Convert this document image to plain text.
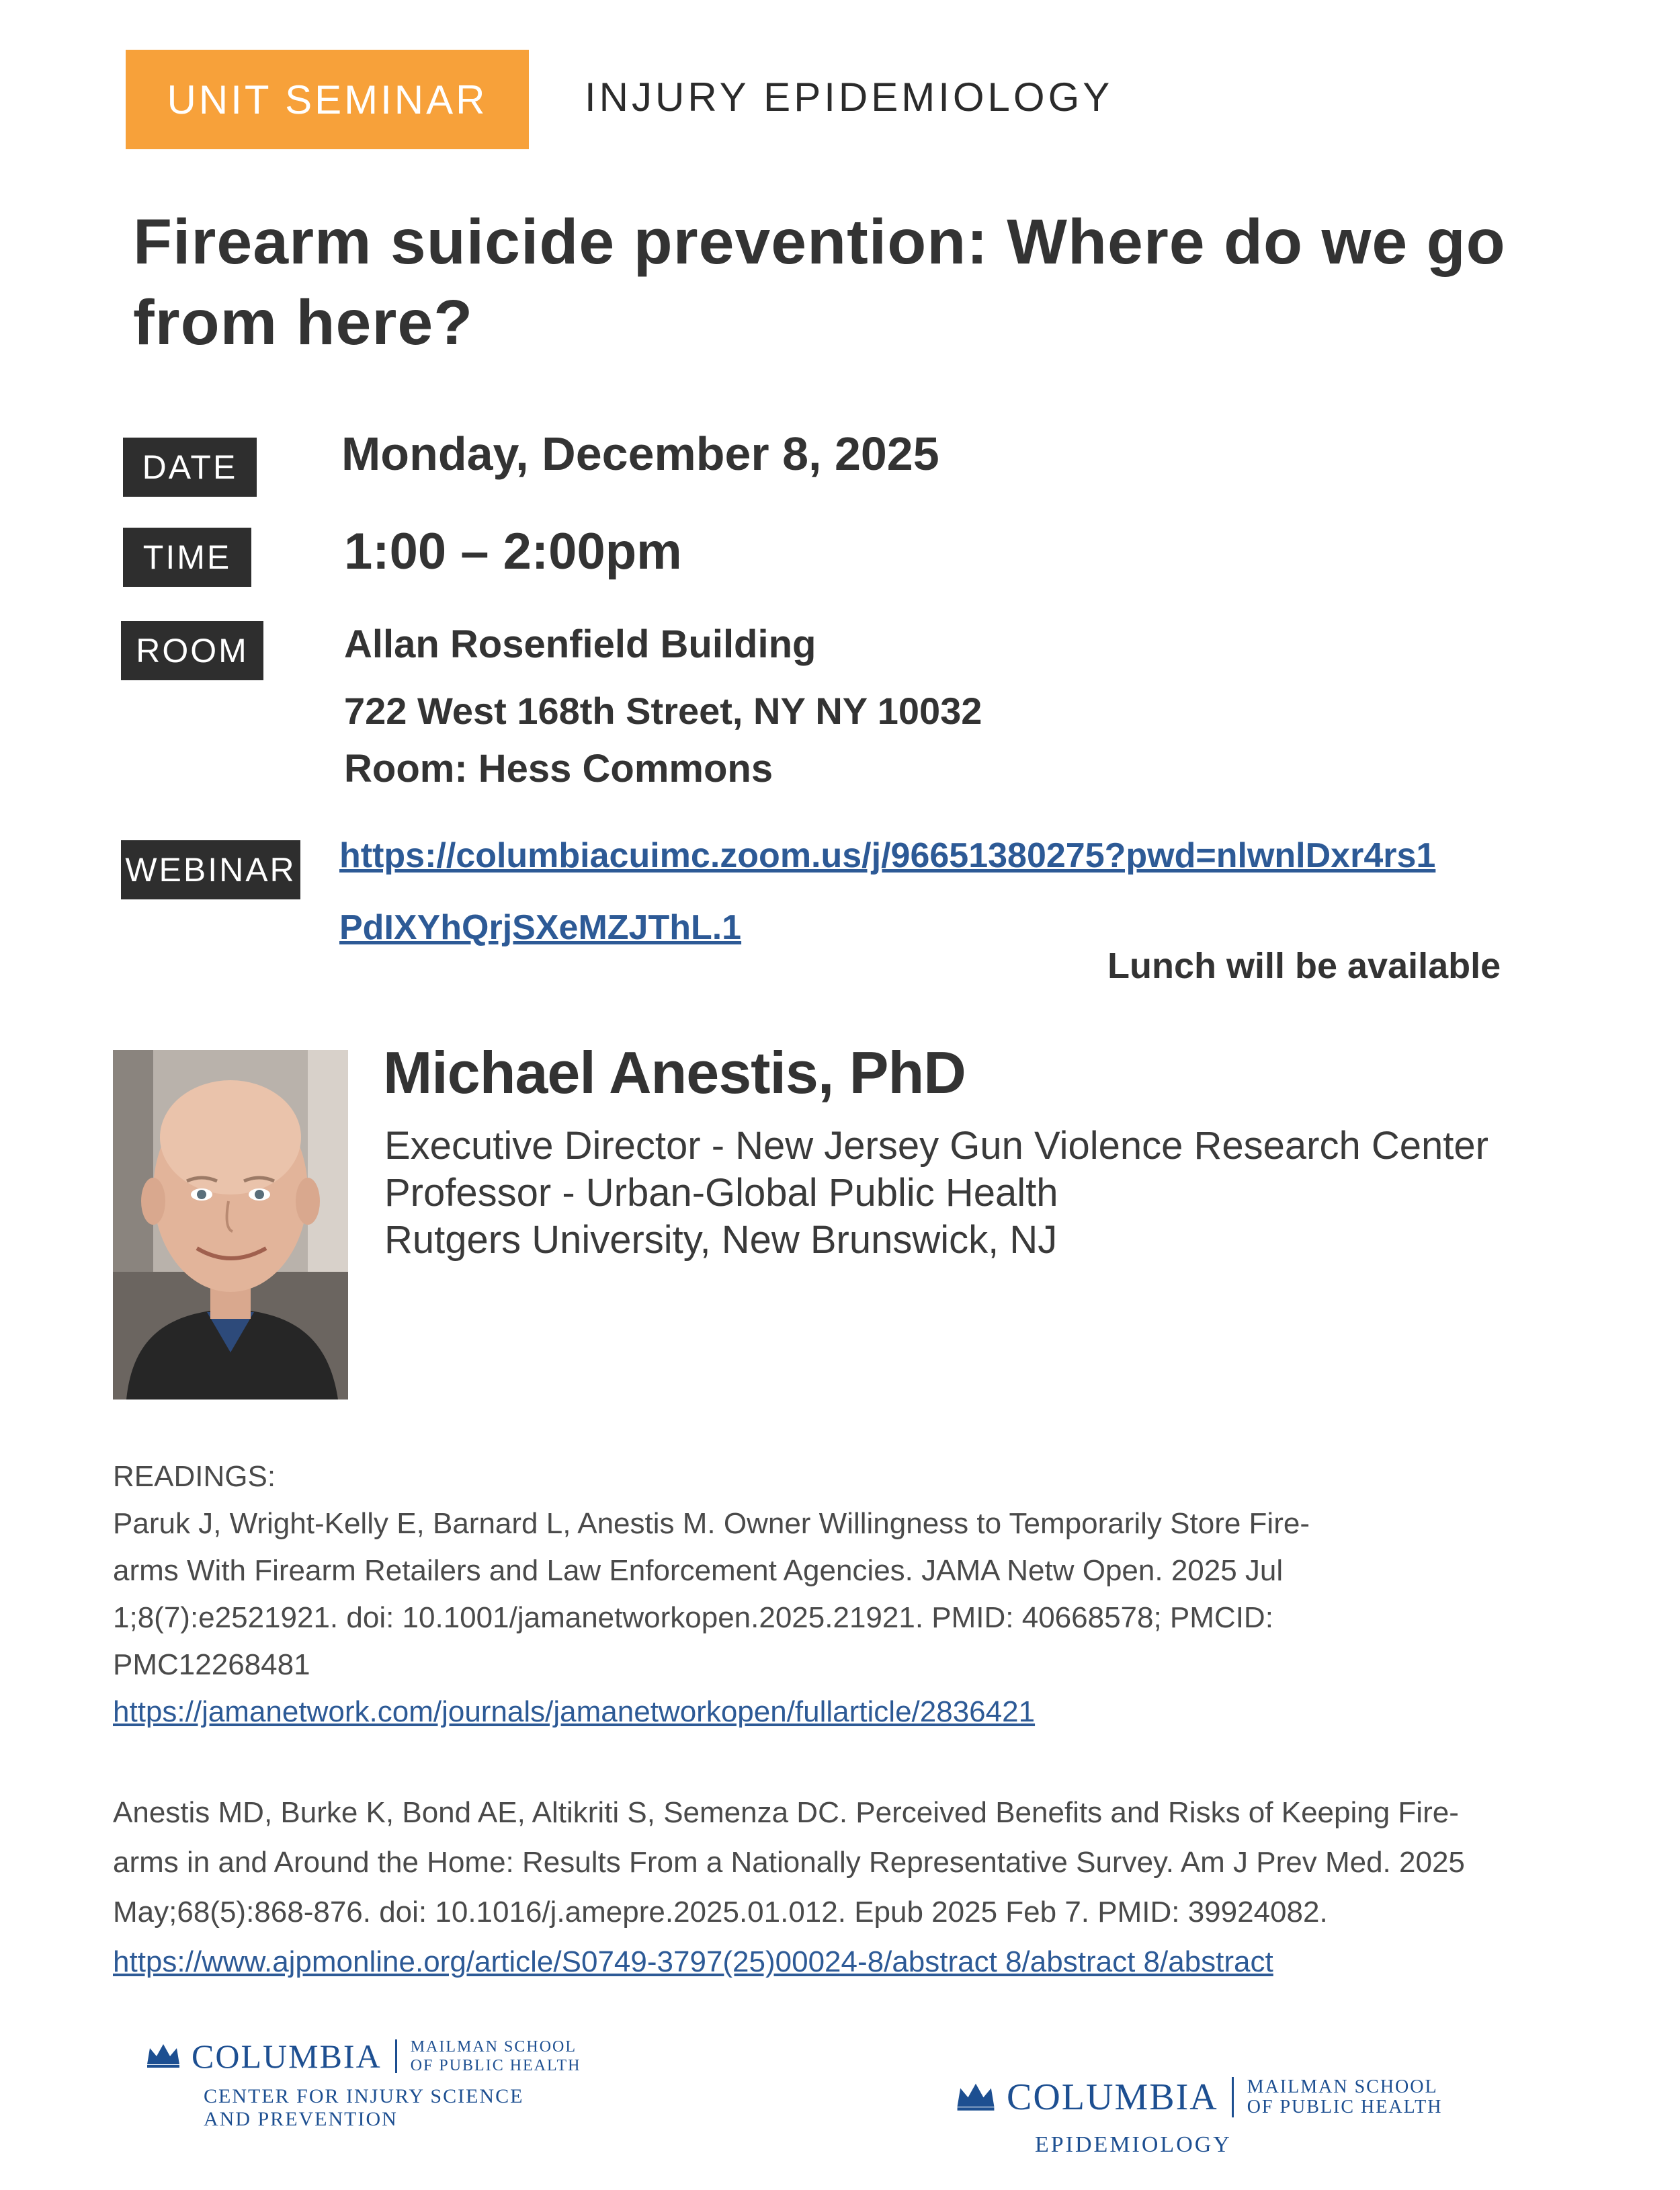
UNIT SEMINAR	INJURY EPIDEMIOLOGY
Firearm suicide prevention: Where do we go from here?
DATE	Monday, December 8, 2025
TIME	1:00 – 2:00pm
ROOM	Allan Rosenfield Building
722 West 168th Street, NY NY 10032
Room: Hess Commons
WEBINAR https://columbiacuimc.zoom.us/j/96651380275?pwd=nlwnlDxr4rs1
PdIXYhQrjSXeMZJThL.1
Lunch will be available
Michael Anestis, PhD
Executive Director - New Jersey Gun Violence Research Center
Professor - Urban-Global Public Health
Rutgers University, New Brunswick, NJ
READINGS:
Paruk J, Wright-Kelly E, Barnard L, Anestis M. Owner Willingness to Temporarily Store Fire-
arms With Firearm Retailers and Law Enforcement Agencies. JAMA Netw Open. 2025 Jul
1;8(7):e2521921. doi: 10.1001/jamanetworkopen.2025.21921. PMID: 40668578; PMCID:
PMC12268481
https://jamanetwork.com/journals/jamanetworkopen/fullarticle/2836421
Anestis MD, Burke K, Bond AE, Altikriti S, Semenza DC. Perceived Benefits and Risks of Keeping Fire-
arms in and Around the Home: Results From a Nationally Representative Survey. Am J Prev Med. 2025
May;68(5):868-876. doi: 10.1016/j.amepre.2025.01.012. Epub 2025 Feb 7. PMID: 39924082.
https://www.ajpmonline.org/article/S0749-3797(25)00024-8/abstract 8/abstract 8/abstract
COLUMBIA MAILMAN SCHOOL
OF PUBLIC HEALTH
CENTER FOR INJURY SCIENCE
AND PREVENTION
COLUMBIA MAILMAN SCHOOL
OF PUBLIC HEALTH
EPIDEMIOLOGY
